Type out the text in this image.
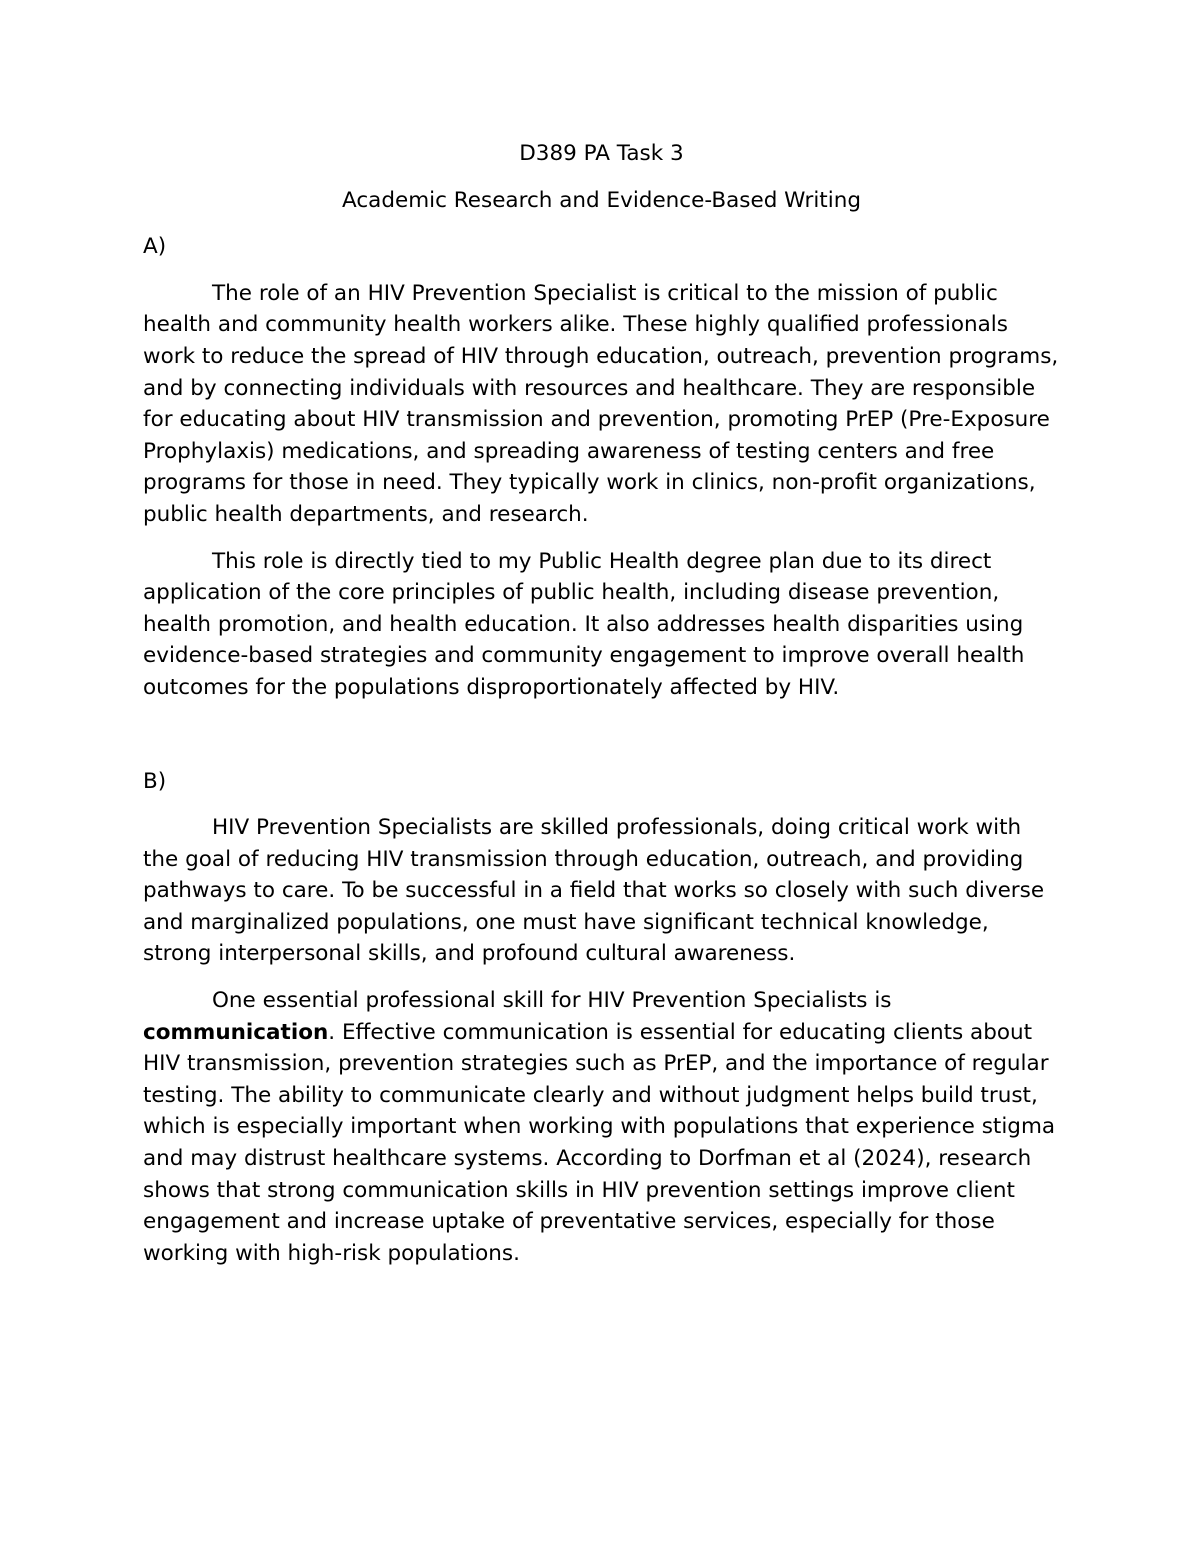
D389 PA Task 3

Academic Research and Evidence-Based Writing

A)

The role of an HIV Prevention Specialist is critical to the mission of public health and community health workers alike. These highly qualified professionals work to reduce the spread of HIV through education, outreach, prevention programs, and by connecting individuals with resources and healthcare. They are responsible for educating about HIV transmission and prevention, promoting PrEP (Pre-Exposure Prophylaxis) medications, and spreading awareness of testing centers and free programs for those in need. They typically work in clinics, non-profit organizations, public health departments, and research.

This role is directly tied to my Public Health degree plan due to its direct application of the core principles of public health, including disease prevention, health promotion, and health education. It also addresses health disparities using evidence-based strategies and community engagement to improve overall health outcomes for the populations disproportionately affected by HIV.

B)

HIV Prevention Specialists are skilled professionals, doing critical work with the goal of reducing HIV transmission through education, outreach, and providing pathways to care. To be successful in a field that works so closely with such diverse and marginalized populations, one must have significant technical knowledge, strong interpersonal skills, and profound cultural awareness.

One essential professional skill for HIV Prevention Specialists is communication. Effective communication is essential for educating clients about HIV transmission, prevention strategies such as PrEP, and the importance of regular testing. The ability to communicate clearly and without judgment helps build trust, which is especially important when working with populations that experience stigma and may distrust healthcare systems. According to Dorfman et al (2024), research shows that strong communication skills in HIV prevention settings improve client engagement and increase uptake of preventative services, especially for those working with high-risk populations.
